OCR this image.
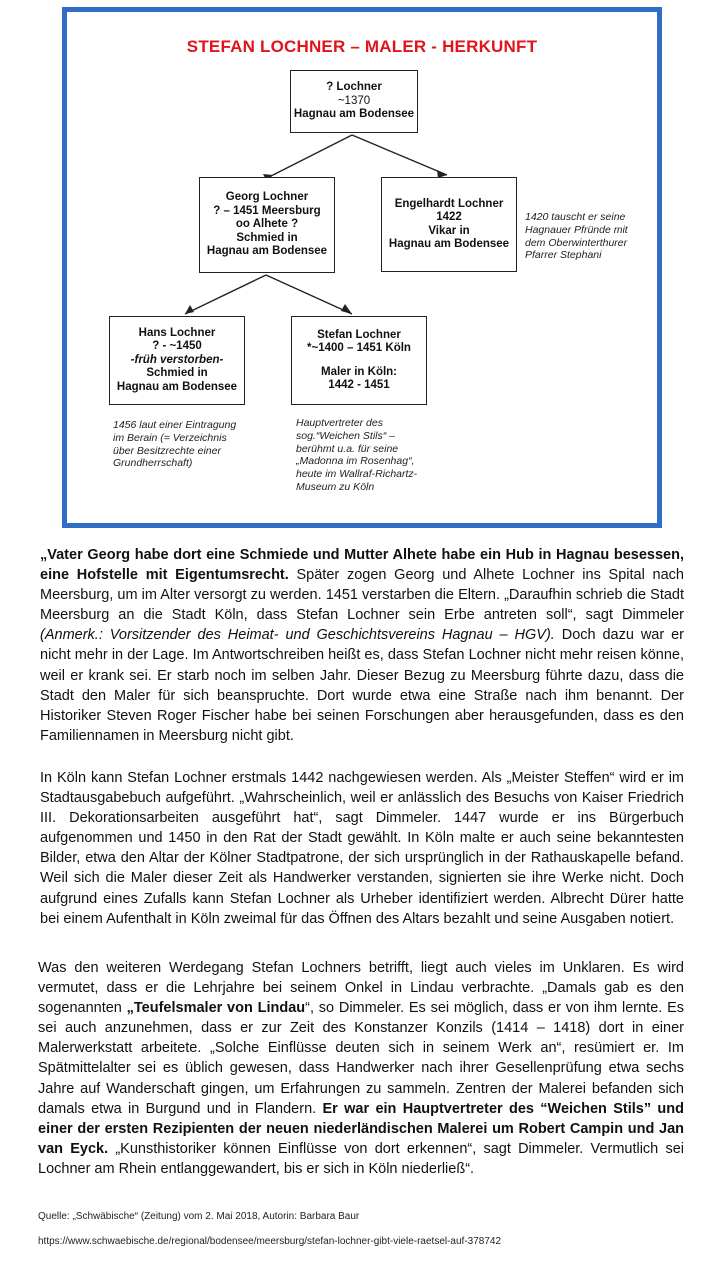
STEFAN LOCHNER – MALER - HERKUNFT
? Lochner
~1370
Hagnau am Bodensee
Georg Lochner
? – 1451 Meersburg
oo Alhete ?
Schmied in
Hagnau am Bodensee
Engelhardt Lochner
1422
Vikar in
Hagnau am Bodensee
1420 tauscht er seine
Hagnauer Pfründe mit
dem Oberwinterthurer
Pfarrer Stephani
Hans Lochner
? - ~1450
-früh verstorben-
Schmied in
Hagnau am Bodensee
Stefan Lochner
*~1400 – 1451 Köln
Maler in Köln:
1442 - 1451
1456 laut einer Eintragung
im Berain (= Verzeichnis
über Besitzrechte einer
Grundherrschaft)
Hauptvertreter des
sog.“Weichen Stils“ –
berühmt u.a. für seine
„Madonna im Rosenhag“,
heute im Wallraf-Richartz-
Museum zu Köln

„Vater Georg habe dort eine Schmiede und Mutter Alhete habe ein Hub in Hagnau besessen, eine Hofstelle mit Eigentumsrecht. Später zogen Georg und Alhete Lochner ins Spital nach Meersburg, um im Alter versorgt zu werden. 1451 verstarben die Eltern. „Daraufhin schrieb die Stadt Meersburg an die Stadt Köln, dass Stefan Lochner sein Erbe antreten soll“, sagt Dimmeler (Anmerk.: Vorsitzender des Heimat- und Geschichtsvereins Hagnau – HGV). Doch dazu war er nicht mehr in der Lage. Im Antwortschreiben heißt es, dass Stefan Lochner nicht mehr reisen könne, weil er krank sei. Er starb noch im selben Jahr. Dieser Bezug zu Meersburg führte dazu, dass die Stadt den Maler für sich beanspruchte. Dort wurde etwa eine Straße nach ihm benannt. Der Historiker Steven Roger Fischer habe bei seinen Forschungen aber herausgefunden, dass es den Familiennamen in Meersburg nicht gibt.

In Köln kann Stefan Lochner erstmals 1442 nachgewiesen werden. Als „Meister Steffen“ wird er im Stadtausgabebuch aufgeführt. „Wahrscheinlich, weil er anlässlich des Besuchs von Kaiser Friedrich III. Dekorationsarbeiten ausgeführt hat“, sagt Dimmeler. 1447 wurde er ins Bürgerbuch aufgenommen und 1450 in den Rat der Stadt gewählt. In Köln malte er auch seine bekanntesten Bilder, etwa den Altar der Kölner Stadtpatrone, der sich ursprünglich in der Rathauskapelle befand. Weil sich die Maler dieser Zeit als Handwerker verstanden, signierten sie ihre Werke nicht. Doch aufgrund eines Zufalls kann Stefan Lochner als Urheber identifiziert werden. Albrecht Dürer hatte bei einem Aufenthalt in Köln zweimal für das Öffnen des Altars bezahlt und seine Ausgaben notiert.

Was den weiteren Werdegang Stefan Lochners betrifft, liegt auch vieles im Unklaren. Es wird vermutet, dass er die Lehrjahre bei seinem Onkel in Lindau verbrachte. „Damals gab es den sogenannten „Teufelsmaler von Lindau“, so Dimmeler. Es sei möglich, dass er von ihm lernte. Es sei auch anzunehmen, dass er zur Zeit des Konstanzer Konzils (1414 – 1418) dort in einer Malerwerkstatt arbeitete. „Solche Einflüsse deuten sich in seinem Werk an“, resümiert er. Im Spätmittelalter sei es üblich gewesen, dass Handwerker nach ihrer Gesellenprüfung etwa sechs Jahre auf Wanderschaft gingen, um Erfahrungen zu sammeln. Zentren der Malerei befanden sich damals etwa in Burgund und in Flandern. Er war ein Hauptvertreter des “Weichen Stils” und einer der ersten Rezipienten der neuen niederländischen Malerei um Robert Campin und Jan van Eyck. „Kunsthistoriker können Einflüsse von dort erkennen“, sagt Dimmeler. Vermutlich sei Lochner am Rhein entlanggewandert, bis er sich in Köln niederließ“.

Quelle: „Schwäbische“ (Zeitung) vom 2. Mai 2018, Autorin: Barbara Baur
https://www.schwaebische.de/regional/bodensee/meersburg/stefan-lochner-gibt-viele-raetsel-auf-378742
